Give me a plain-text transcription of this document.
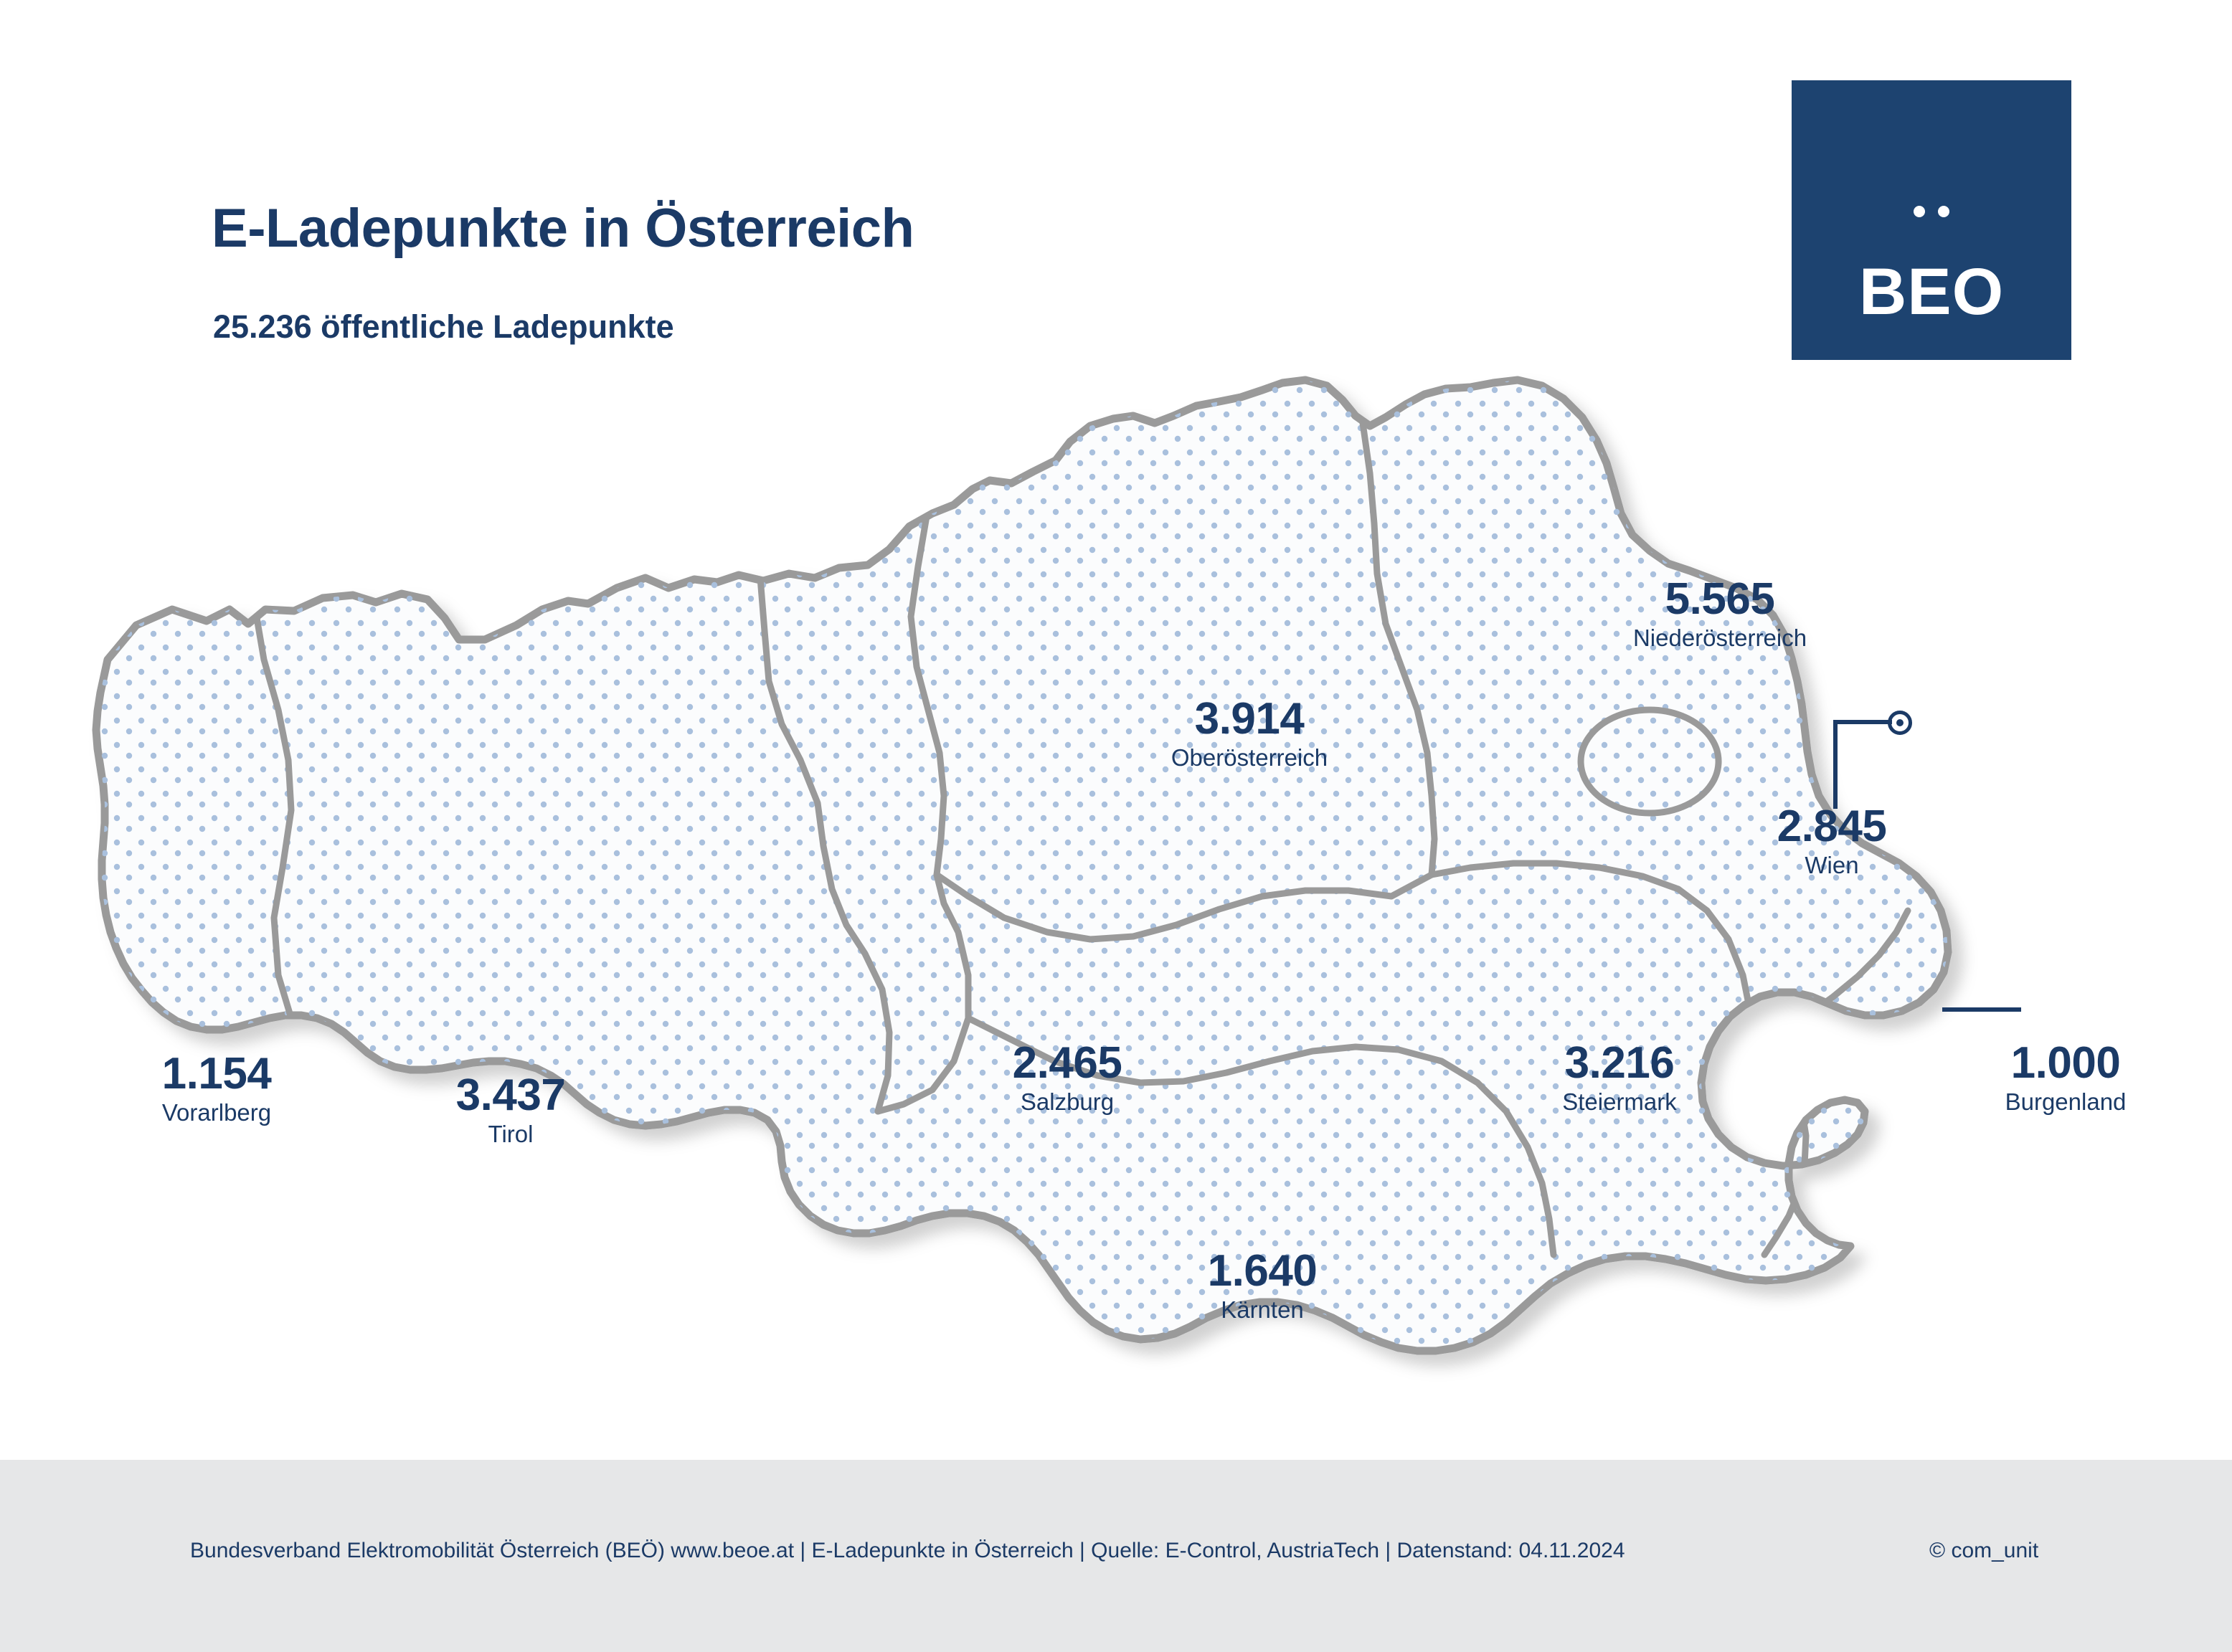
E-Ladepunkte in Österreich
25.236 öffentliche Ladepunkte	BEO
5.565
Niederösterreich
3.914
Oberösterreich
2.845
Wien
3.216
Steiermark
1.000
Burgenland
2.465
Salzburg
3.437
Tirol
1.154
Vorarlberg
1.640
Kärnten
Bundesverband Elektromobilität Österreich (BEÖ) www.beoe.at | E-Ladepunkte in Österreich | Quelle: E-Control, AustriaTech | Datenstand: 04.11.2024	© com_unit
